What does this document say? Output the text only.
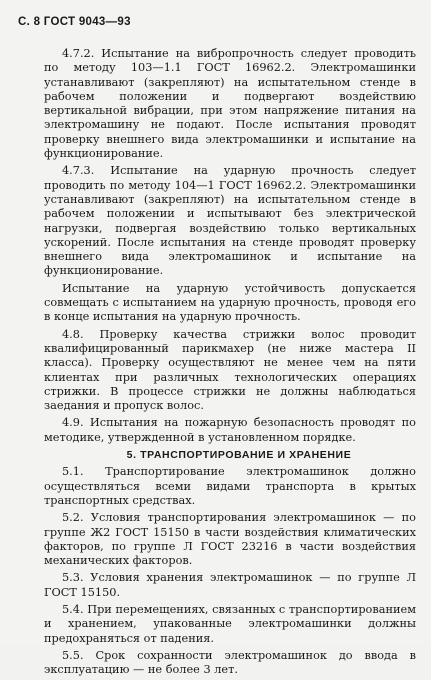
С. 8 ГОСТ 9043—93

4.7.2. Испытание на вибропрочность следует проводить по методу 103—1.1 ГОСТ 16962.2. Электромашинки устанавливают (закрепляют) на испытательном стенде в рабочем положении и подвергают воздействию вертикальной вибрации, при этом напряжение питания на электромашину не подают. После испытания проводят проверку внешнего вида электромашинки и испытание на функционирование.

4.7.3. Испытание на ударную прочность следует проводить по методу 104—1 ГОСТ 16962.2. Электромашинки устанавливают (закрепляют) на испытательном стенде в рабочем положении и испытывают без электрической нагрузки, подвергая воздействию только вертикальных ускорений. После испытания на стенде проводят проверку внешнего вида электромашинок и испытание на функционирование.

Испытание на ударную устойчивость допускается совмещать с испытанием на ударную прочность, проводя его в конце испытания на ударную прочность.

4.8. Проверку качества стрижки волос проводит квалифицированный парикмахер (не ниже мастера II класса). Проверку осуществляют не менее чем на пяти клиентах при различных технологических операциях стрижки. В процессе стрижки не должны наблюдаться заедания и пропуск волос.

4.9. Испытания на пожарную безопасность проводят по методике, утвержденной в установленном порядке.

5. ТРАНСПОРТИРОВАНИЕ И ХРАНЕНИЕ

5.1. Транспортирование электромашинок должно осуществляться всеми видами транспорта в крытых транспортных средствах.

5.2. Условия транспортирования электромашинок — по группе Ж2 ГОСТ 15150 в части воздействия климатических факторов, по группе Л ГОСТ 23216 в части воздействия механических факторов.

5.3. Условия хранения электромашинок — по группе Л ГОСТ 15150.

5.4. При перемещениях, связанных с транспортированием и хранением, упакованные электромашинки должны предохраняться от падения.

5.5. Срок сохранности электромашинок до ввода в эксплуатацию — не более 3 лет.
